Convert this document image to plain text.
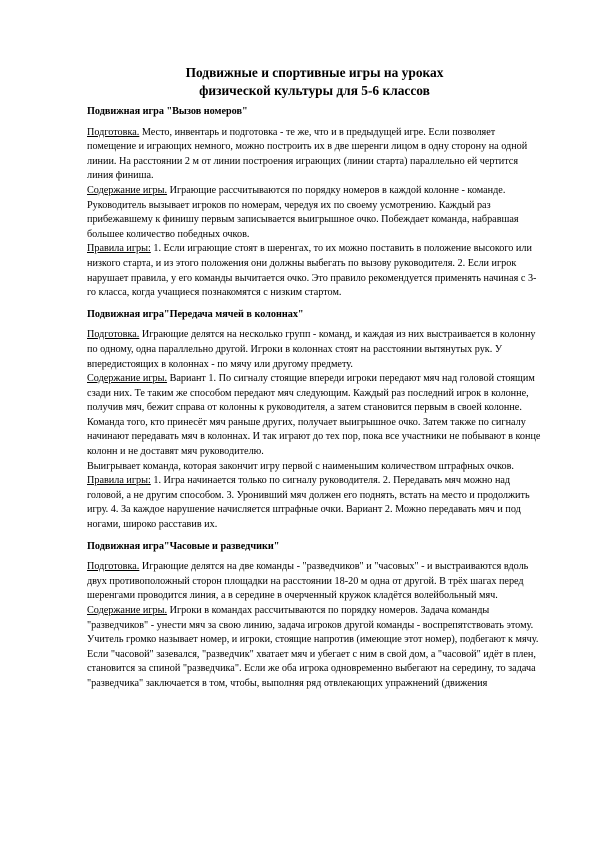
Подвижные и спортивные игры на уроках
физической культуры для 5-6 классов
Подвижная игра "Вызов номеров"

Подготовка. Место, инвентарь и подготовка - те же, что и в предыдущей игре. Если позволяет помещение и играющих немного, можно построить их в две шеренги лицом в одну сторону на одной линии. На расстоянии 2 м от линии построения играющих (линии старта) параллельно ей чертится линия финиша.

Содержание игры. Играющие рассчитываются по порядку номеров в каждой колонне - команде. Руководитель вызывает игроков по номерам, чередуя их по своему усмотрению. Каждый раз прибежавшему к финишу первым записывается выигрышное очко. Побеждает команда, набравшая большее количество победных очков.

Правила игры: 1. Если играющие стоят в шеренгах, то их можно поставить в положение высокого или низкого старта, и из этого положения они должны выбегать по вызову руководителя. 2. Если игрок нарушает правила, у его команды вычитается очко. Это правило рекомендуется применять начиная с 3-го класса, когда учащиеся познакомятся с низким стартом.

Подвижная игра"Передача мячей в колоннах"

Подготовка. Играющие делятся на несколько групп - команд, и каждая из них выстраивается в колонну по одному, одна параллельно другой. Игроки в колоннах стоят на расстоянии вытянутых рук. У впередистоящих в колоннах - по мячу или другому предмету.

Содержание игры. Вариант 1. По сигналу стоящие впереди игроки передают мяч над головой стоящим сзади них. Те таким же способом передают мяч следующим. Каждый раз последний игрок в колонне, получив мяч, бежит справа от колонны к руководителя, а затем становится первым в своей колонне. Команда того, кто принесёт мяч раньше других, получает выигрышное очко. Затем также по сигналу начинают передавать мяч в колоннах. И так играют до тех пор, пока все участники не побывают в конце колонн и не доставят мяч руководителю.

Выигрывает команда, которая закончит игру первой с наименьшим количеством штрафных очков.

Правила игры: 1. Игра начинается только по сигналу руководителя. 2. Передавать мяч можно над головой, а не другим способом. 3. Уронивший мяч должен его поднять, встать на место и продолжить игру. 4. За каждое нарушение начисляется штрафные очки. Вариант 2. Можно передавать мяч и под ногами, широко расставив их.

Подвижная игра"Часовые и разведчики"

Подготовка. Играющие делятся на две команды - "разведчиков" и "часовых" - и выстраиваются вдоль двух противоположный сторон площадки на расстоянии 18-20 м одна от другой. В трёх шагах перед шеренгами проводится линия, а в середине в очерченный кружок кладётся волейбольный мяч.

Содержание игры. Игроки в командах рассчитываются по порядку номеров. Задача команды "разведчиков" - унести мяч за свою линию, задача игроков другой команды - воспрепятствовать этому. Учитель громко называет номер, и игроки, стоящие напротив (имеющие этот номер), подбегают к мячу. Если "часовой" зазевался, "разведчик" хватает мяч и убегает с ним в свой дом, а "часовой" идёт в плен, становится за спиной "разведчика". Если же оба игрока одновременно выбегают на середину, то задача "разведчика" заключается в том, чтобы, выполняя ряд отвлекающих упражнений (движения
